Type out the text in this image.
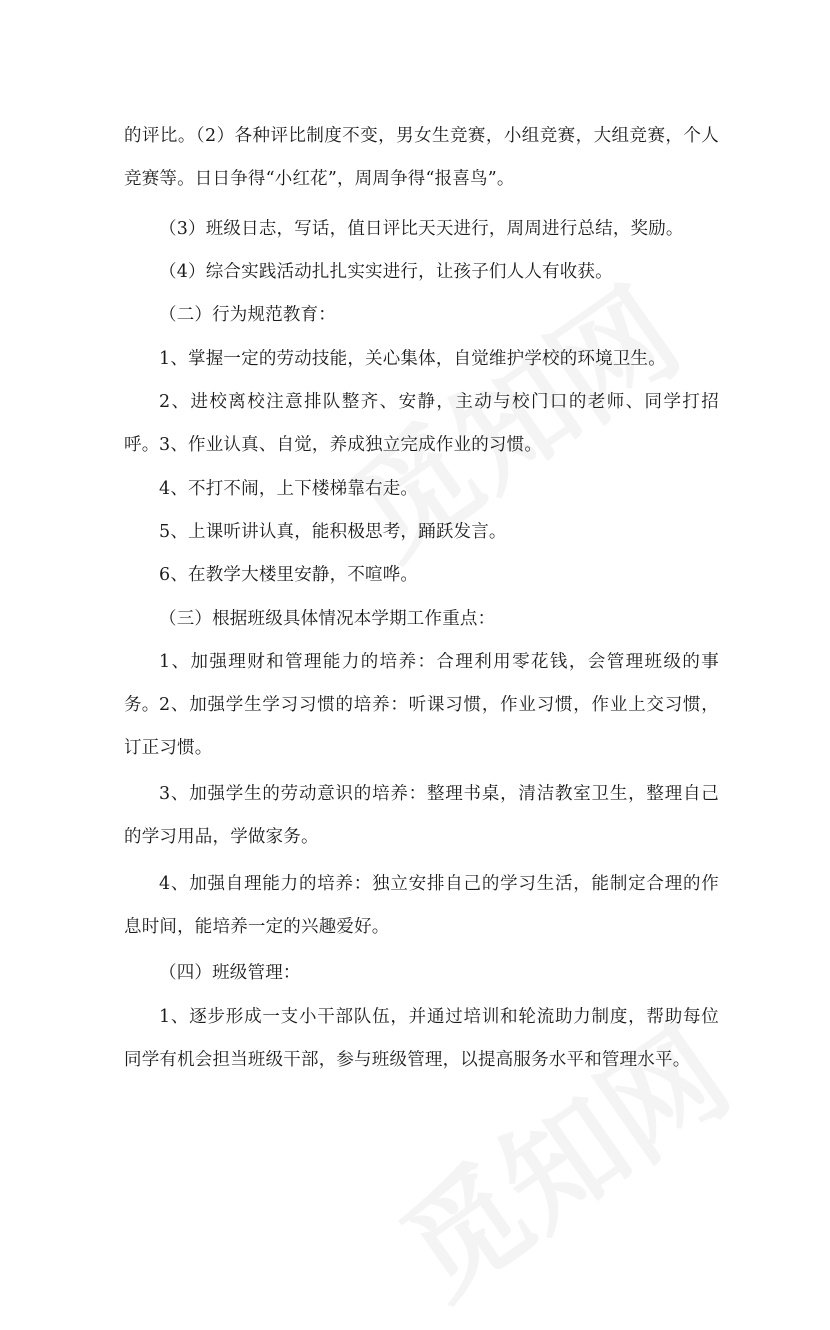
的评比。（2）各种评比制度不变，男女生竞赛，小组竞赛，大组竞赛，个人竞赛等。日日争得“小红花”，周周争得“报喜鸟”。

（3）班级日志，写话，值日评比天天进行，周周进行总结，奖励。

（4）综合实践活动扎扎实实进行，让孩子们人人有收获。

（二）行为规范教育：

1、掌握一定的劳动技能，关心集体，自觉维护学校的环境卫生。

2、进校离校注意排队整齐、安静，主动与校门口的老师、同学打招呼。 3、作业认真、自觉，养成独立完成作业的习惯。

4、不打不闹，上下楼梯靠右走。

5、上课听讲认真，能积极思考，踊跃发言。

6、在教学大楼里安静，不喧哗。

（三）根据班级具体情况本学期工作重点：

1、加强理财和管理能力的培养：合理利用零花钱，会管理班级的事务。 2、加强学生学习习惯的培养：听课习惯，作业习惯，作业上交习惯，订正习惯。

3、加强学生的劳动意识的培养：整理书桌，清洁教室卫生，整理自己的学习用品，学做家务。

4、加强自理能力的培养：独立安排自己的学习生活，能制定合理的作息时间，能培养一定的兴趣爱好。

（四）班级管理：

1、逐步形成一支小干部队伍，并通过培训和轮流助力制度，帮助每位同学有机会担当班级干部，参与班级管理，以提高服务水平和管理水平。
